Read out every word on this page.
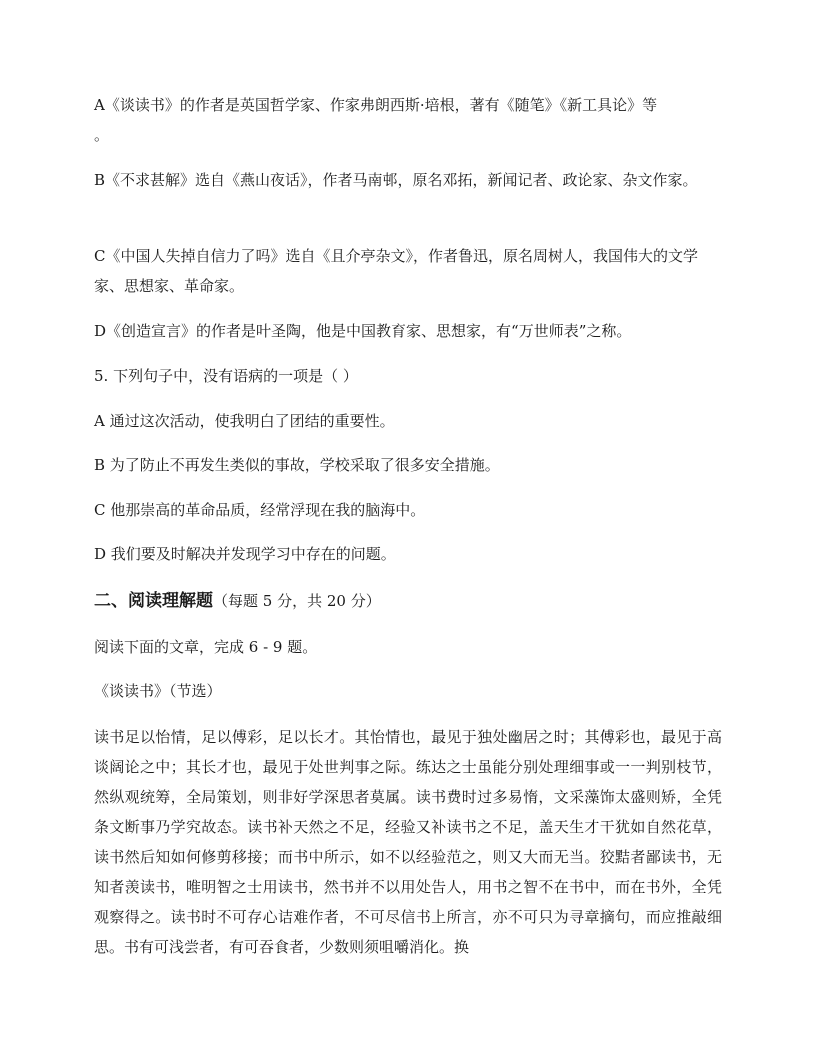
A《谈读书》的作者是英国哲学家、作家弗朗西斯·培根，著有《随笔》《新工具论》等
。

B《不求甚解》选自《燕山夜话》，作者马南邨，原名邓拓，新闻记者、政论家、杂文作家。

C《中国人失掉自信力了吗》选自《且介亭杂文》，作者鲁迅，原名周树人，我国伟大的文学家、思想家、革命家。

D《创造宣言》的作者是叶圣陶，他是中国教育家、思想家，有“万世师表”之称。

5. 下列句子中，没有语病的一项是（ ）

A 通过这次活动，使我明白了团结的重要性。

B 为了防止不再发生类似的事故，学校采取了很多安全措施。

C 他那崇高的革命品质，经常浮现在我的脑海中。

D 我们要及时解决并发现学习中存在的问题。

二、阅读理解题（每题 5 分，共 20 分）

阅读下面的文章，完成 6 - 9 题。

《谈读书》（节选）

读书足以怡情，足以傅彩，足以长才。其怡情也，最见于独处幽居之时；其傅彩也，最见于高谈阔论之中；其长才也，最见于处世判事之际。练达之士虽能分别处理细事或一一判别枝节，然纵观统筹，全局策划，则非好学深思者莫属。读书费时过多易惰，文采藻饰太盛则矫，全凭条文断事乃学究故态。读书补天然之不足，经验又补读书之不足，盖天生才干犹如自然花草，读书然后知如何修剪移接；而书中所示，如不以经验范之，则又大而无当。狡黠者鄙读书，无知者羡读书，唯明智之士用读书，然书并不以用处告人，用书之智不在书中，而在书外，全凭观察得之。读书时不可存心诘难作者，不可尽信书上所言，亦不可只为寻章摘句，而应推敲细思。书有可浅尝者，有可吞食者，少数则须咀嚼消化。换
